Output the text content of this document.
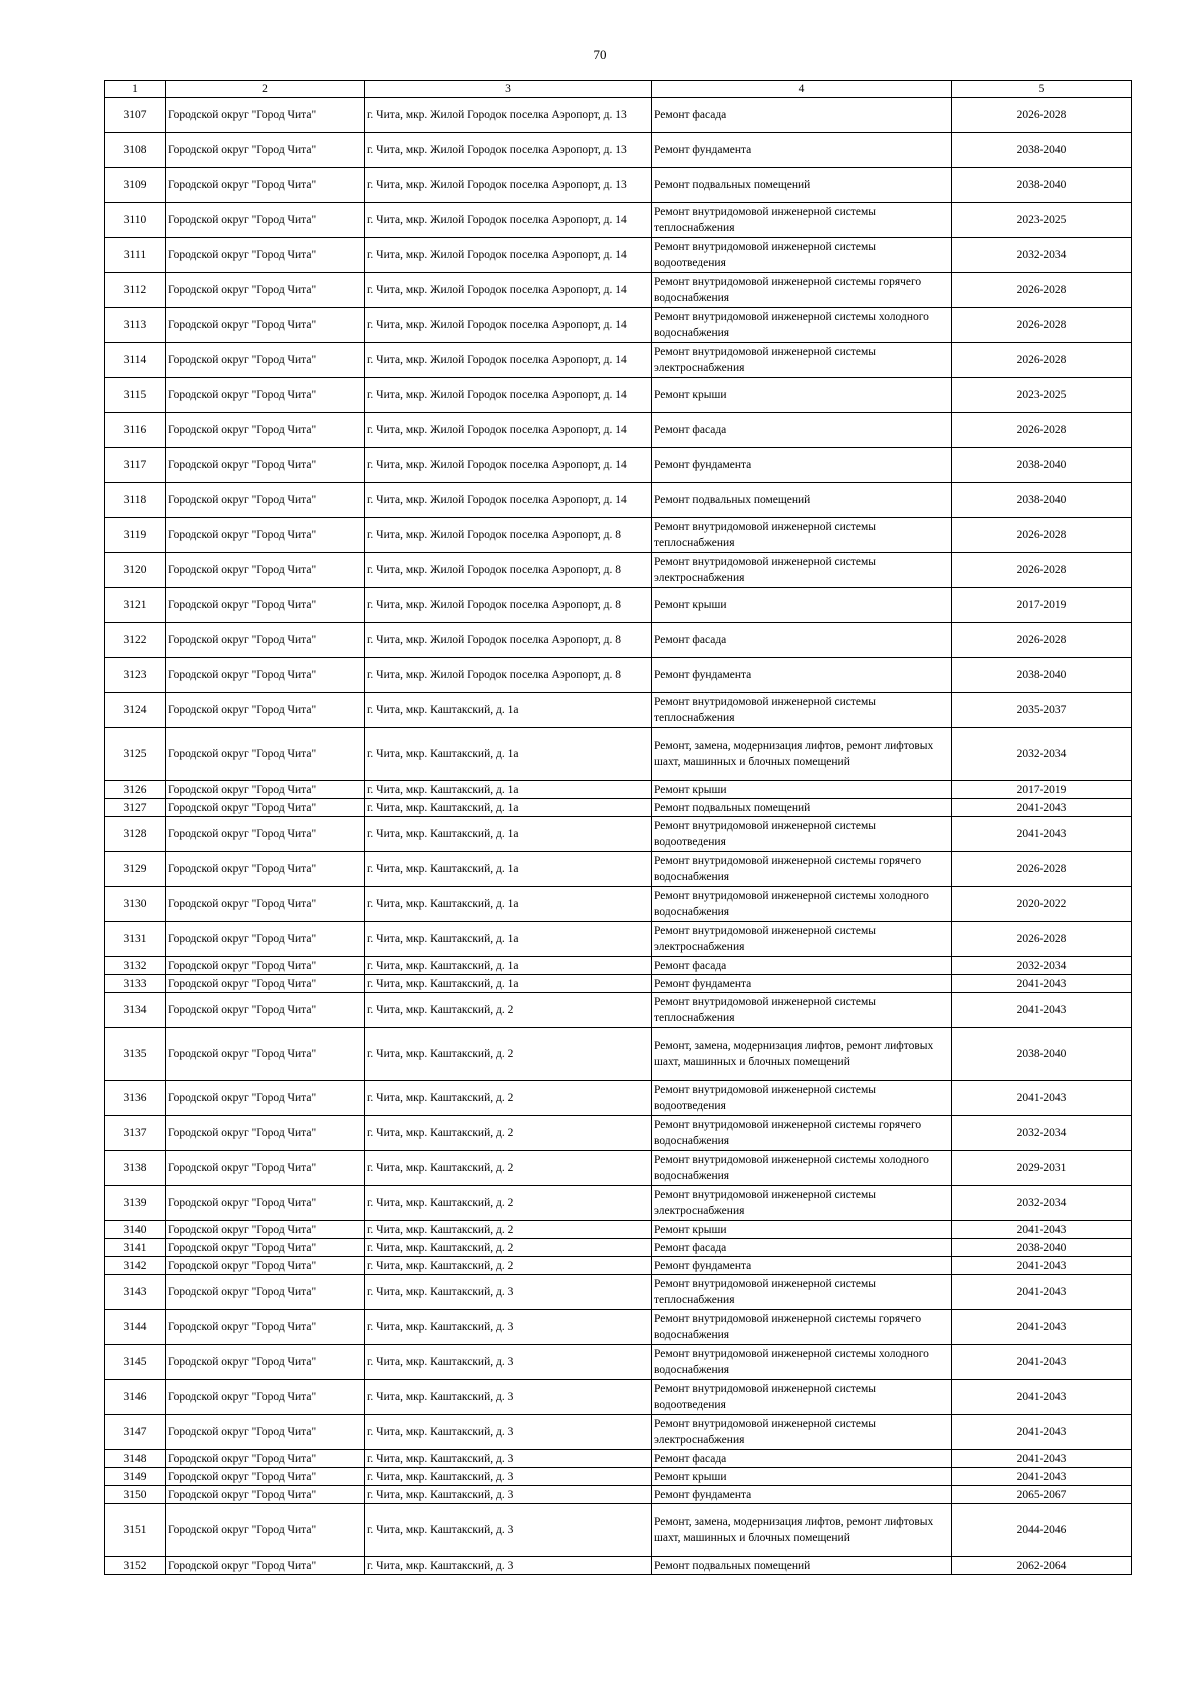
70
1	2	3	4	5
3107	Городской округ "Город Чита"	г. Чита, мкр. Жилой Городок поселка Аэропорт, д. 13	Ремонт фасада	2026-2028
3108	Городской округ "Город Чита"	г. Чита, мкр. Жилой Городок поселка Аэропорт, д. 13	Ремонт фундамента	2038-2040
3109	Городской округ "Город Чита"	г. Чита, мкр. Жилой Городок поселка Аэропорт, д. 13	Ремонт подвальных помещений	2038-2040
3110	Городской округ "Город Чита"	г. Чита, мкр. Жилой Городок поселка Аэропорт, д. 14	Ремонт внутридомовой инженерной системы теплоснабжения	2023-2025
3111	Городской округ "Город Чита"	г. Чита, мкр. Жилой Городок поселка Аэропорт, д. 14	Ремонт внутридомовой инженерной системы водоотведения	2032-2034
3112	Городской округ "Город Чита"	г. Чита, мкр. Жилой Городок поселка Аэропорт, д. 14	Ремонт внутридомовой инженерной системы горячего водоснабжения	2026-2028
3113	Городской округ "Город Чита"	г. Чита, мкр. Жилой Городок поселка Аэропорт, д. 14	Ремонт внутридомовой инженерной системы холодного водоснабжения	2026-2028
3114	Городской округ "Город Чита"	г. Чита, мкр. Жилой Городок поселка Аэропорт, д. 14	Ремонт внутридомовой инженерной системы электроснабжения	2026-2028
3115	Городской округ "Город Чита"	г. Чита, мкр. Жилой Городок поселка Аэропорт, д. 14	Ремонт крыши	2023-2025
3116	Городской округ "Город Чита"	г. Чита, мкр. Жилой Городок поселка Аэропорт, д. 14	Ремонт фасада	2026-2028
3117	Городской округ "Город Чита"	г. Чита, мкр. Жилой Городок поселка Аэропорт, д. 14	Ремонт фундамента	2038-2040
3118	Городской округ "Город Чита"	г. Чита, мкр. Жилой Городок поселка Аэропорт, д. 14	Ремонт подвальных помещений	2038-2040
3119	Городской округ "Город Чита"	г. Чита, мкр. Жилой Городок поселка Аэропорт, д. 8	Ремонт внутридомовой инженерной системы теплоснабжения	2026-2028
3120	Городской округ "Город Чита"	г. Чита, мкр. Жилой Городок поселка Аэропорт, д. 8	Ремонт внутридомовой инженерной системы электроснабжения	2026-2028
3121	Городской округ "Город Чита"	г. Чита, мкр. Жилой Городок поселка Аэропорт, д. 8	Ремонт крыши	2017-2019
3122	Городской округ "Город Чита"	г. Чита, мкр. Жилой Городок поселка Аэропорт, д. 8	Ремонт фасада	2026-2028
3123	Городской округ "Город Чита"	г. Чита, мкр. Жилой Городок поселка Аэропорт, д. 8	Ремонт фундамента	2038-2040
3124	Городской округ "Город Чита"	г. Чита, мкр. Каштакский, д. 1а	Ремонт внутридомовой инженерной системы теплоснабжения	2035-2037
3125	Городской округ "Город Чита"	г. Чита, мкр. Каштакский, д. 1а	Ремонт, замена, модернизация лифтов, ремонт лифтовых шахт, машинных и блочных помещений	2032-2034
3126	Городской округ "Город Чита"	г. Чита, мкр. Каштакский, д. 1а	Ремонт крыши	2017-2019
3127	Городской округ "Город Чита"	г. Чита, мкр. Каштакский, д. 1а	Ремонт подвальных помещений	2041-2043
3128	Городской округ "Город Чита"	г. Чита, мкр. Каштакский, д. 1а	Ремонт внутридомовой инженерной системы водоотведения	2041-2043
3129	Городской округ "Город Чита"	г. Чита, мкр. Каштакский, д. 1а	Ремонт внутридомовой инженерной системы горячего водоснабжения	2026-2028
3130	Городской округ "Город Чита"	г. Чита, мкр. Каштакский, д. 1а	Ремонт внутридомовой инженерной системы холодного водоснабжения	2020-2022
3131	Городской округ "Город Чита"	г. Чита, мкр. Каштакский, д. 1а	Ремонт внутридомовой инженерной системы электроснабжения	2026-2028
3132	Городской округ "Город Чита"	г. Чита, мкр. Каштакский, д. 1а	Ремонт фасада	2032-2034
3133	Городской округ "Город Чита"	г. Чита, мкр. Каштакский, д. 1а	Ремонт фундамента	2041-2043
3134	Городской округ "Город Чита"	г. Чита, мкр. Каштакский, д. 2	Ремонт внутридомовой инженерной системы теплоснабжения	2041-2043
3135	Городской округ "Город Чита"	г. Чита, мкр. Каштакский, д. 2	Ремонт, замена, модернизация лифтов, ремонт лифтовых шахт, машинных и блочных помещений	2038-2040
3136	Городской округ "Город Чита"	г. Чита, мкр. Каштакский, д. 2	Ремонт внутридомовой инженерной системы водоотведения	2041-2043
3137	Городской округ "Город Чита"	г. Чита, мкр. Каштакский, д. 2	Ремонт внутридомовой инженерной системы горячего водоснабжения	2032-2034
3138	Городской округ "Город Чита"	г. Чита, мкр. Каштакский, д. 2	Ремонт внутридомовой инженерной системы холодного водоснабжения	2029-2031
3139	Городской округ "Город Чита"	г. Чита, мкр. Каштакский, д. 2	Ремонт внутридомовой инженерной системы электроснабжения	2032-2034
3140	Городской округ "Город Чита"	г. Чита, мкр. Каштакский, д. 2	Ремонт крыши	2041-2043
3141	Городской округ "Город Чита"	г. Чита, мкр. Каштакский, д. 2	Ремонт фасада	2038-2040
3142	Городской округ "Город Чита"	г. Чита, мкр. Каштакский, д. 2	Ремонт фундамента	2041-2043
3143	Городской округ "Город Чита"	г. Чита, мкр. Каштакский, д. 3	Ремонт внутридомовой инженерной системы теплоснабжения	2041-2043
3144	Городской округ "Город Чита"	г. Чита, мкр. Каштакский, д. 3	Ремонт внутридомовой инженерной системы горячего водоснабжения	2041-2043
3145	Городской округ "Город Чита"	г. Чита, мкр. Каштакский, д. 3	Ремонт внутридомовой инженерной системы холодного водоснабжения	2041-2043
3146	Городской округ "Город Чита"	г. Чита, мкр. Каштакский, д. 3	Ремонт внутридомовой инженерной системы водоотведения	2041-2043
3147	Городской округ "Город Чита"	г. Чита, мкр. Каштакский, д. 3	Ремонт внутридомовой инженерной системы электроснабжения	2041-2043
3148	Городской округ "Город Чита"	г. Чита, мкр. Каштакский, д. 3	Ремонт фасада	2041-2043
3149	Городской округ "Город Чита"	г. Чита, мкр. Каштакский, д. 3	Ремонт крыши	2041-2043
3150	Городской округ "Город Чита"	г. Чита, мкр. Каштакский, д. 3	Ремонт фундамента	2065-2067
3151	Городской округ "Город Чита"	г. Чита, мкр. Каштакский, д. 3	Ремонт, замена, модернизация лифтов, ремонт лифтовых шахт, машинных и блочных помещений	2044-2046
3152	Городской округ "Город Чита"	г. Чита, мкр. Каштакский, д. 3	Ремонт подвальных помещений	2062-2064
